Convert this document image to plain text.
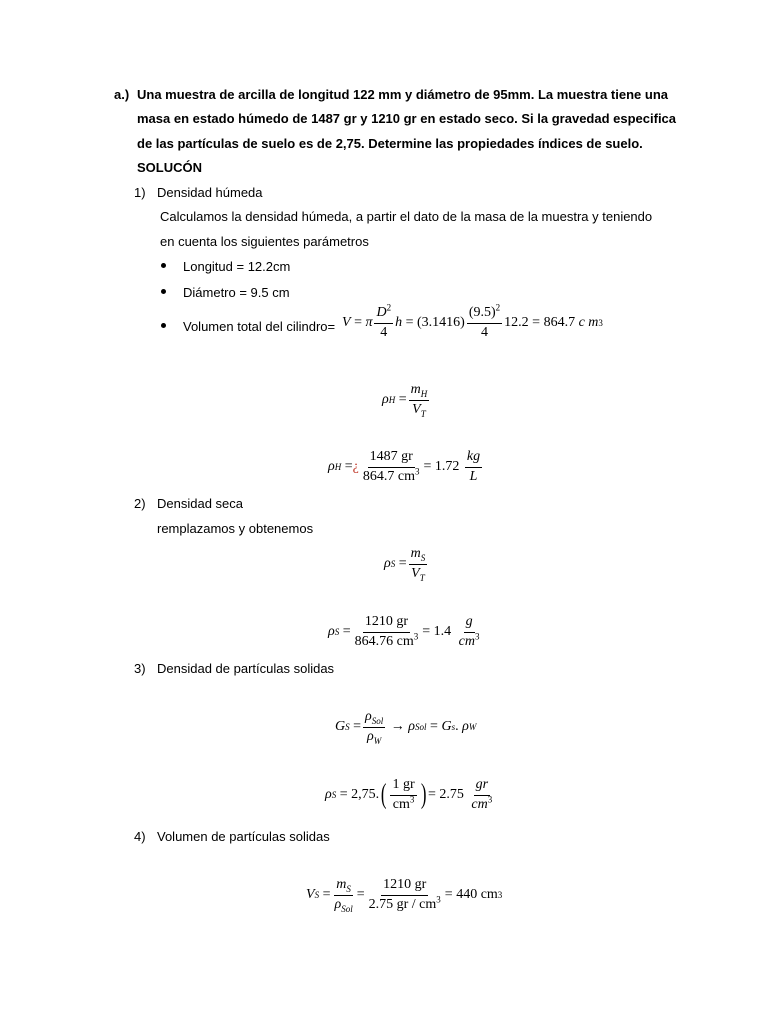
a.) Una muestra de arcilla de longitud 122 mm y diámetro de 95mm. La muestra tiene una
masa en estado húmedo de 1487 gr y 1210 gr en estado seco. Si la gravedad especifica
de las partículas de suelo es de 2,75. Determine las propiedades índices de suelo.
SOLUCÓN
1) Densidad húmeda
Calculamos la densidad húmeda, a partir el dato de la masa de la muestra y teniendo
en cuenta los siguientes parámetros
Longitud = 12.2cm
Diámetro = 9.5 cm
Volumen total del cilindro= V = π $\frac{D^2}{4}$ $h = (3.1416) \frac{(9.5)^2}{4} 12.2 = 864.7$
c m 3
ρ $H = \frac{m_H}{V_T}$
ρ H = ¿ $\frac{1487 gr}{864.7 cm^3} = 1.72$
$\frac{kg}{L}$
2) Densidad seca
remplazamos y obtenemos
ρ $S = \frac{m_S}{V_T}$
ρ $S = \frac{1210 gr}{864.76 cm^3} = 1.4$
$\frac{g}{cm^3}$
3) Densidad de partículas solidas
G $S = \frac{\rho_{Sol}}{\rho_W}$
→
ρ Sol = G s .
ρ W
ρ S = 2,75. ( $\frac{1 gr}{cm^3}$ ) = 2.75
$\frac{gr}{cm^3}$
4) Volumen de partículas solidas
V $S = \frac{m_S}{\rho_{Sol}} = \frac{1210 gr}{2.75 gr / cm^3} = 440$ cm 3
